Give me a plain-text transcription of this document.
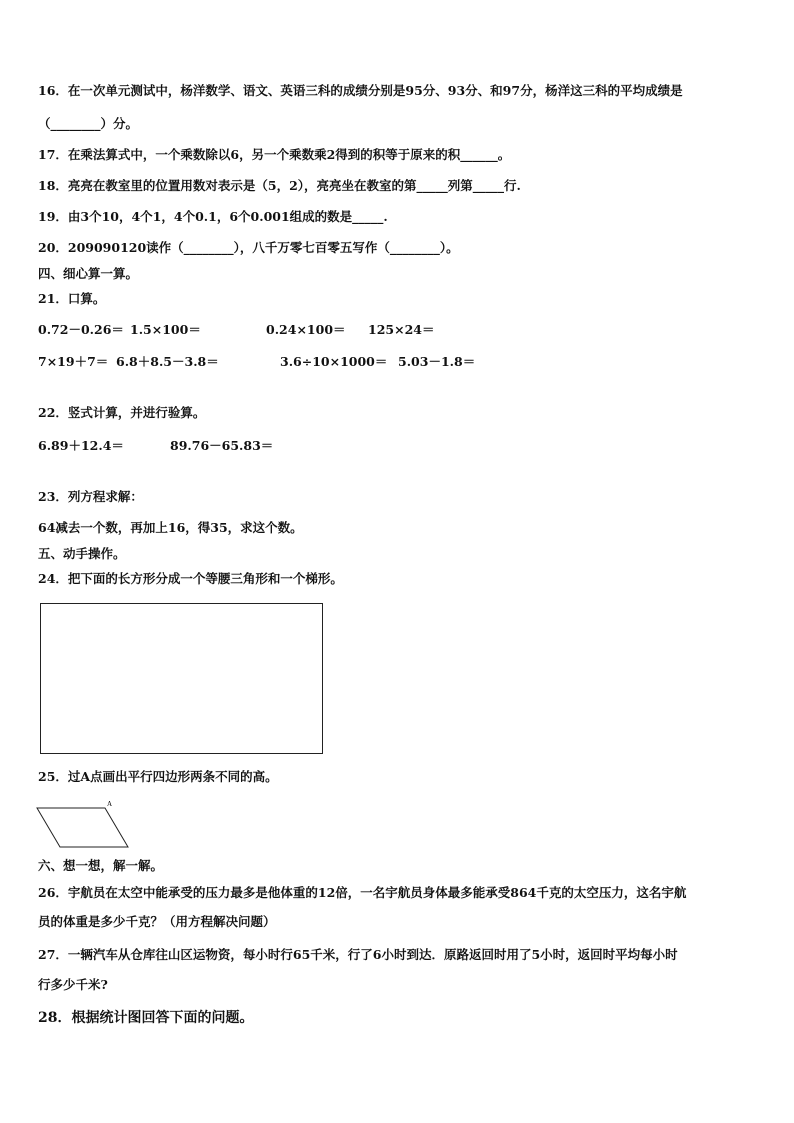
16．在一次单元测试中，杨洋数学、语文、英语三科的成绩分别是95分、93分、和97分，杨洋这三科的平均成绩是
（________）分。
17．在乘法算式中，一个乘数除以6，另一个乘数乘2得到的积等于原来的积______。
18．亮亮在教室里的位置用数对表示是（5，2），亮亮坐在教室的第_____列第_____行.
19．由3个10，4个1，4个0.1，6个0.001组成的数是_____.
20．209090120读作（________），八千万零七百零五写作（________）。
四、细心算一算。
21．口算。
0.72－0.26＝ 1.5×100＝	0.24×100＝ 125×24＝
7×19＋7＝ 6.8＋8.5－3.8＝	3.6÷10×1000＝ 5.03－1.8＝
22．竖式计算，并进行验算。
6.89＋12.4＝	89.76－65.83＝
23．列方程求解：
64减去一个数，再加上16，得35，求这个数。
五、动手操作。
24．把下面的长方形分成一个等腰三角形和一个梯形。
25．过A点画出平行四边形两条不同的高。
A
六、想一想，解一解。
26．宇航员在太空中能承受的压力最多是他体重的12倍，一名宇航员身体最多能承受864千克的太空压力，这名宇航
员的体重是多少千克？（用方程解决问题）
27．一辆汽车从仓库往山区运物资，每小时行65千米，行了6小时到达．原路返回时用了5小时，返回时平均每小时
行多少千米?
28．根据统计图回答下面的问题。
